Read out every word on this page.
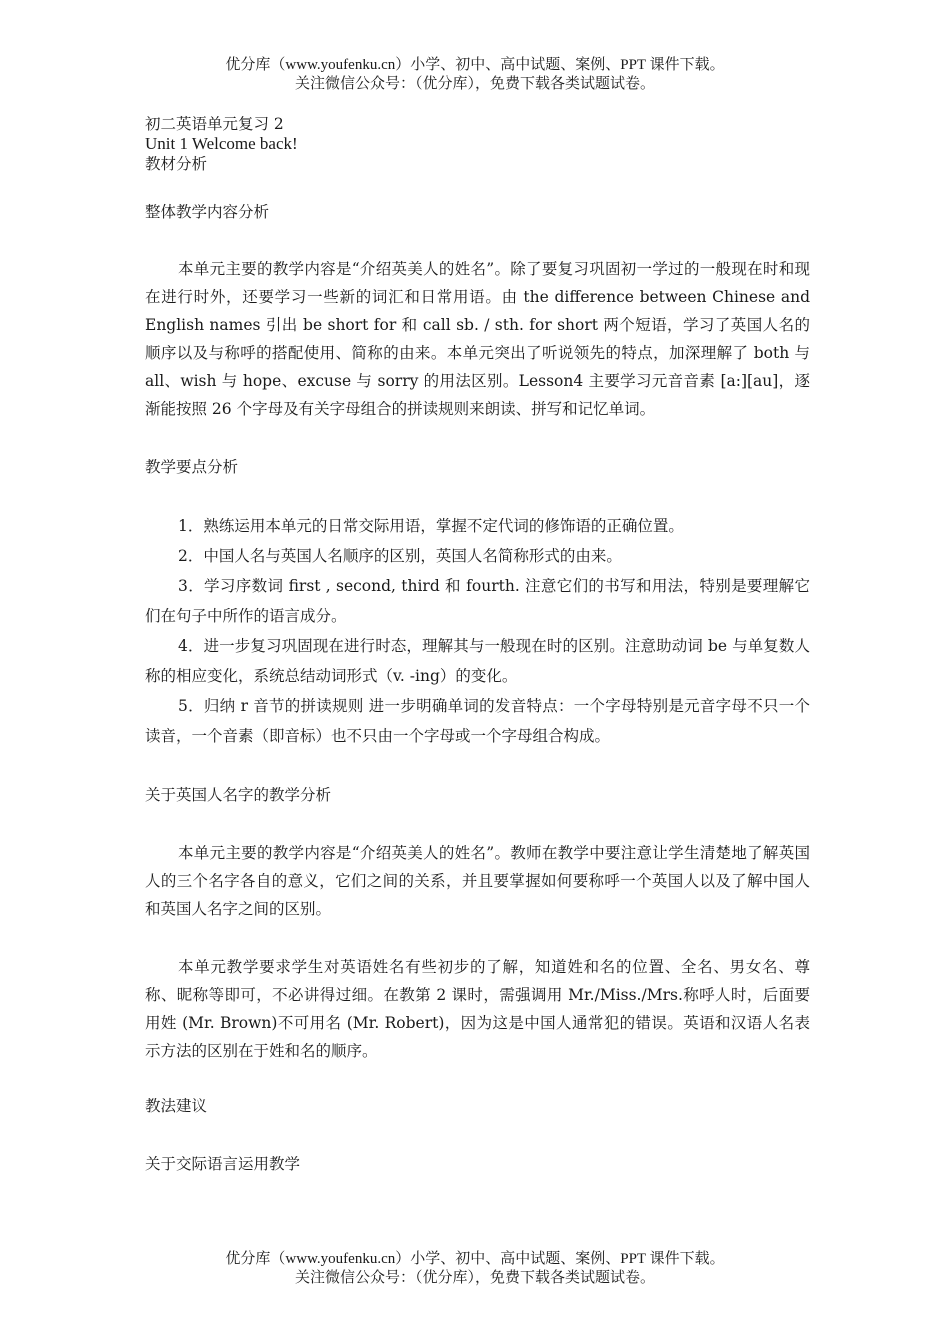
优分库（www.youfenku.cn）小学、初中、高中试题、案例、PPT 课件下载。
关注微信公众号：（优分库），免费下载各类试题试卷。
初二英语单元复习 2
Unit 1 Welcome back!
教材分析
整体教学内容分析

本单元主要的教学内容是“介绍英美人的姓名”。除了要复习巩固初一学过的一般现在时和现在进行时外，还要学习一些新的词汇和日常用语。由 the difference between Chinese and English names 引出 be short for 和 call sb. / sth. for short 两个短语，学习了英国人名的顺序以及与称呼的搭配使用、简称的由来。本单元突出了听说领先的特点，加深理解了 both 与 all、wish 与 hope、excuse 与 sorry 的用法区别。Lesson4 主要学习元音音素 [a:][au]，逐渐能按照 26 个字母及有关字母组合的拼读规则来朗读、拼写和记忆单词。

教学要点分析

1．熟练运用本单元的日常交际用语，掌握不定代词的修饰语的正确位置。

2．中国人名与英国人名顺序的区别，英国人名简称形式的由来。

3．学习序数词 first , second, third 和 fourth. 注意它们的书写和用法，特别是要理解它们在句子中所作的语言成分。

4．进一步复习巩固现在进行时态，理解其与一般现在时的区别。注意助动词 be 与单复数人称的相应变化，系统总结动词形式（v. -ing）的变化。

5．归纳 r 音节的拼读规则 进一步明确单词的发音特点：一个字母特别是元音字母不只一个读音，一个音素（即音标）也不只由一个字母或一个字母组合构成。

关于英国人名字的教学分析

本单元主要的教学内容是“介绍英美人的姓名”。教师在教学中要注意让学生清楚地了解英国人的三个名字各自的意义，它们之间的关系，并且要掌握如何要称呼一个英国人以及了解中国人和英国人名字之间的区别。

本单元教学要求学生对英语姓名有些初步的了解，知道姓和名的位置、全名、男女名、尊称、昵称等即可，不必讲得过细。在教第 2 课时，需强调用 Mr./Miss./Mrs.称呼人时，后面要用姓 (Mr. Brown)不可用名 (Mr. Robert)，因为这是中国人通常犯的错误。英语和汉语人名表示方法的区别在于姓和名的顺序。

教法建议
关于交际语言运用教学
优分库（www.youfenku.cn）小学、初中、高中试题、案例、PPT 课件下载。
关注微信公众号：（优分库），免费下载各类试题试卷。
